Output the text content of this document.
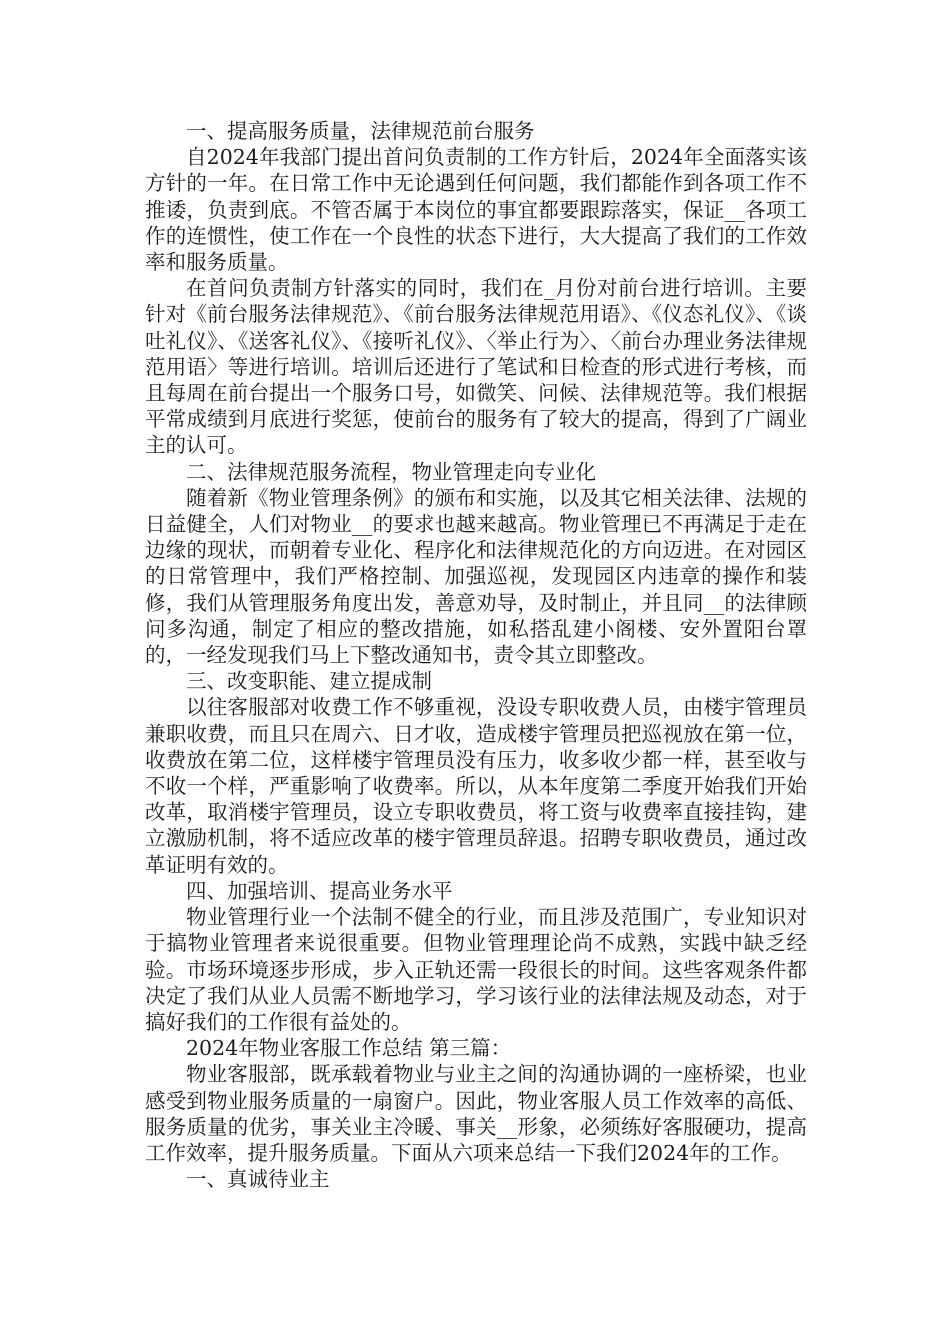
一、提高服务质量，法律规范前台服务

自2024年我部门提出首问负责制的工作方针后，2024年全面落实该方针的一年。在日常工作中无论遇到任何问题，我们都能作到各项工作不推诿，负责到底。不管否属于本岗位的事宜都要跟踪落实，保证__各项工作的连惯性，使工作在一个良性的状态下进行，大大提高了我们的工作效率和服务质量。

在首问负责制方针落实的同时，我们在_月份对前台进行培训。主要针对《前台服务法律规范》、《前台服务法律规范用语》、《仪态礼仪》、《谈吐礼仪》、《送客礼仪》、《接听礼仪》、〈举止行为〉、〈前台办理业务法律规范用语〉等进行培训。培训后还进行了笔试和日检查的形式进行考核，而且每周在前台提出一个服务口号，如微笑、问候、法律规范等。我们根据平常成绩到月底进行奖惩，使前台的服务有了较大的提高，得到了广阔业主的认可。

二、法律规范服务流程，物业管理走向专业化

随着新《物业管理条例》的颁布和实施，以及其它相关法律、法规的日益健全，人们对物业__的要求也越来越高。物业管理已不再满足于走在边缘的现状，而朝着专业化、程序化和法律规范化的方向迈进。在对园区的日常管理中，我们严格控制、加强巡视，发现园区内违章的操作和装修，我们从管理服务角度出发，善意劝导，及时制止，并且同__的法律顾问多沟通，制定了相应的整改措施，如私搭乱建小阁楼、安外置阳台罩的，一经发现我们马上下整改通知书，责令其立即整改。

三、改变职能、建立提成制

以往客服部对收费工作不够重视，没设专职收费人员，由楼宇管理员兼职收费，而且只在周六、日才收，造成楼宇管理员把巡视放在第一位，收费放在第二位，这样楼宇管理员没有压力，收多收少都一样，甚至收与不收一个样，严重影响了收费率。所以，从本年度第二季度开始我们开始改革，取消楼宇管理员，设立专职收费员，将工资与收费率直接挂钩，建立激励机制，将不适应改革的楼宇管理员辞退。招聘专职收费员，通过改革证明有效的。

四、加强培训、提高业务水平

物业管理行业一个法制不健全的行业，而且涉及范围广，专业知识对于搞物业管理者来说很重要。但物业管理理论尚不成熟，实践中缺乏经验。市场环境逐步形成，步入正轨还需一段很长的时间。这些客观条件都决定了我们从业人员需不断地学习，学习该行业的法律法规及动态，对于搞好我们的工作很有益处的。

2024年物业客服工作总结 第三篇：

物业客服部，既承载着物业与业主之间的沟通协调的一座桥梁，也业感受到物业服务质量的一扇窗户。因此，物业客服人员工作效率的高低、服务质量的优劣，事关业主冷暖、事关__形象，必须练好客服硬功，提高工作效率，提升服务质量。下面从六项来总结一下我们2024年的工作。

一、真诚待业主
